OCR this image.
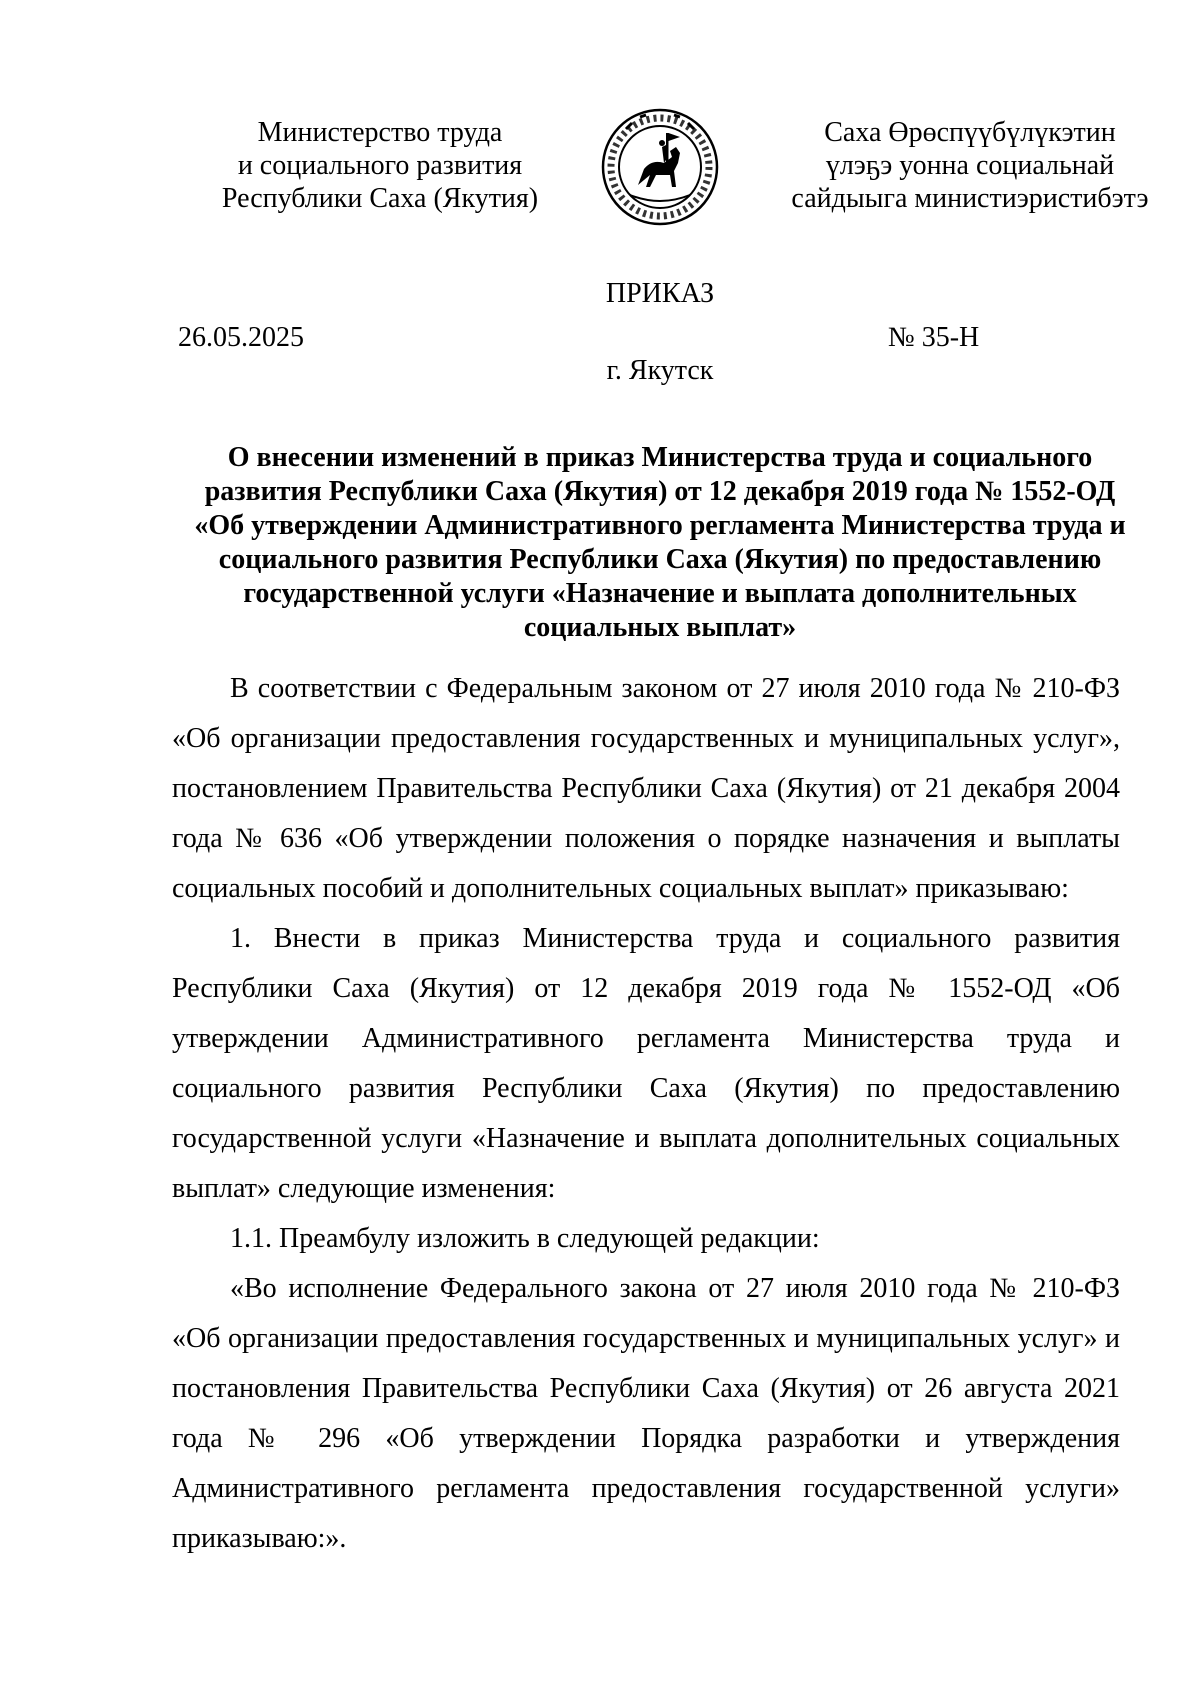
Министерство труда
и социального развития
Республики Саха (Якутия)
Саха Өрөспүүбүлүкэтин
үлэҕэ уонна социальнай
сайдыыга министиэристибэтэ
ПРИКАЗ
26.05.2025	№ 35-Н
г. Якутск
О внесении изменений в приказ Министерства труда и социального
развития Республики Саха (Якутия) от 12 декабря 2019 года № 1552-ОД
«Об утверждении Административного регламента Министерства труда и
социального развития Республики Саха (Якутия) по предоставлению
государственной услуги «Назначение и выплата дополнительных
социальных выплат»

В соответствии с Федеральным законом от 27 июля 2010 года № 210-ФЗ «Об организации предоставления государственных и муниципальных услуг», постановлением Правительства Республики Саха (Якутия) от 21 декабря 2004 года № 636 «Об утверждении положения о порядке назначения и выплаты социальных пособий и дополнительных социальных выплат» приказываю:

1. Внести в приказ Министерства труда и социального развития Республики Саха (Якутия) от 12 декабря 2019 года № 1552-ОД «Об утверждении Административного регламента Министерства труда и социального развития Республики Саха (Якутия) по предоставлению государственной услуги «Назначение и выплата дополнительных социальных выплат» следующие изменения:

1.1. Преамбулу изложить в следующей редакции:

«Во исполнение Федерального закона от 27 июля 2010 года № 210-ФЗ «Об организации предоставления государственных и муниципальных услуг» и постановления Правительства Республики Саха (Якутия) от 26 августа 2021 года № 296 «Об утверждении Порядка разработки и утверждения Административного регламента предоставления государственной услуги» приказываю:».
